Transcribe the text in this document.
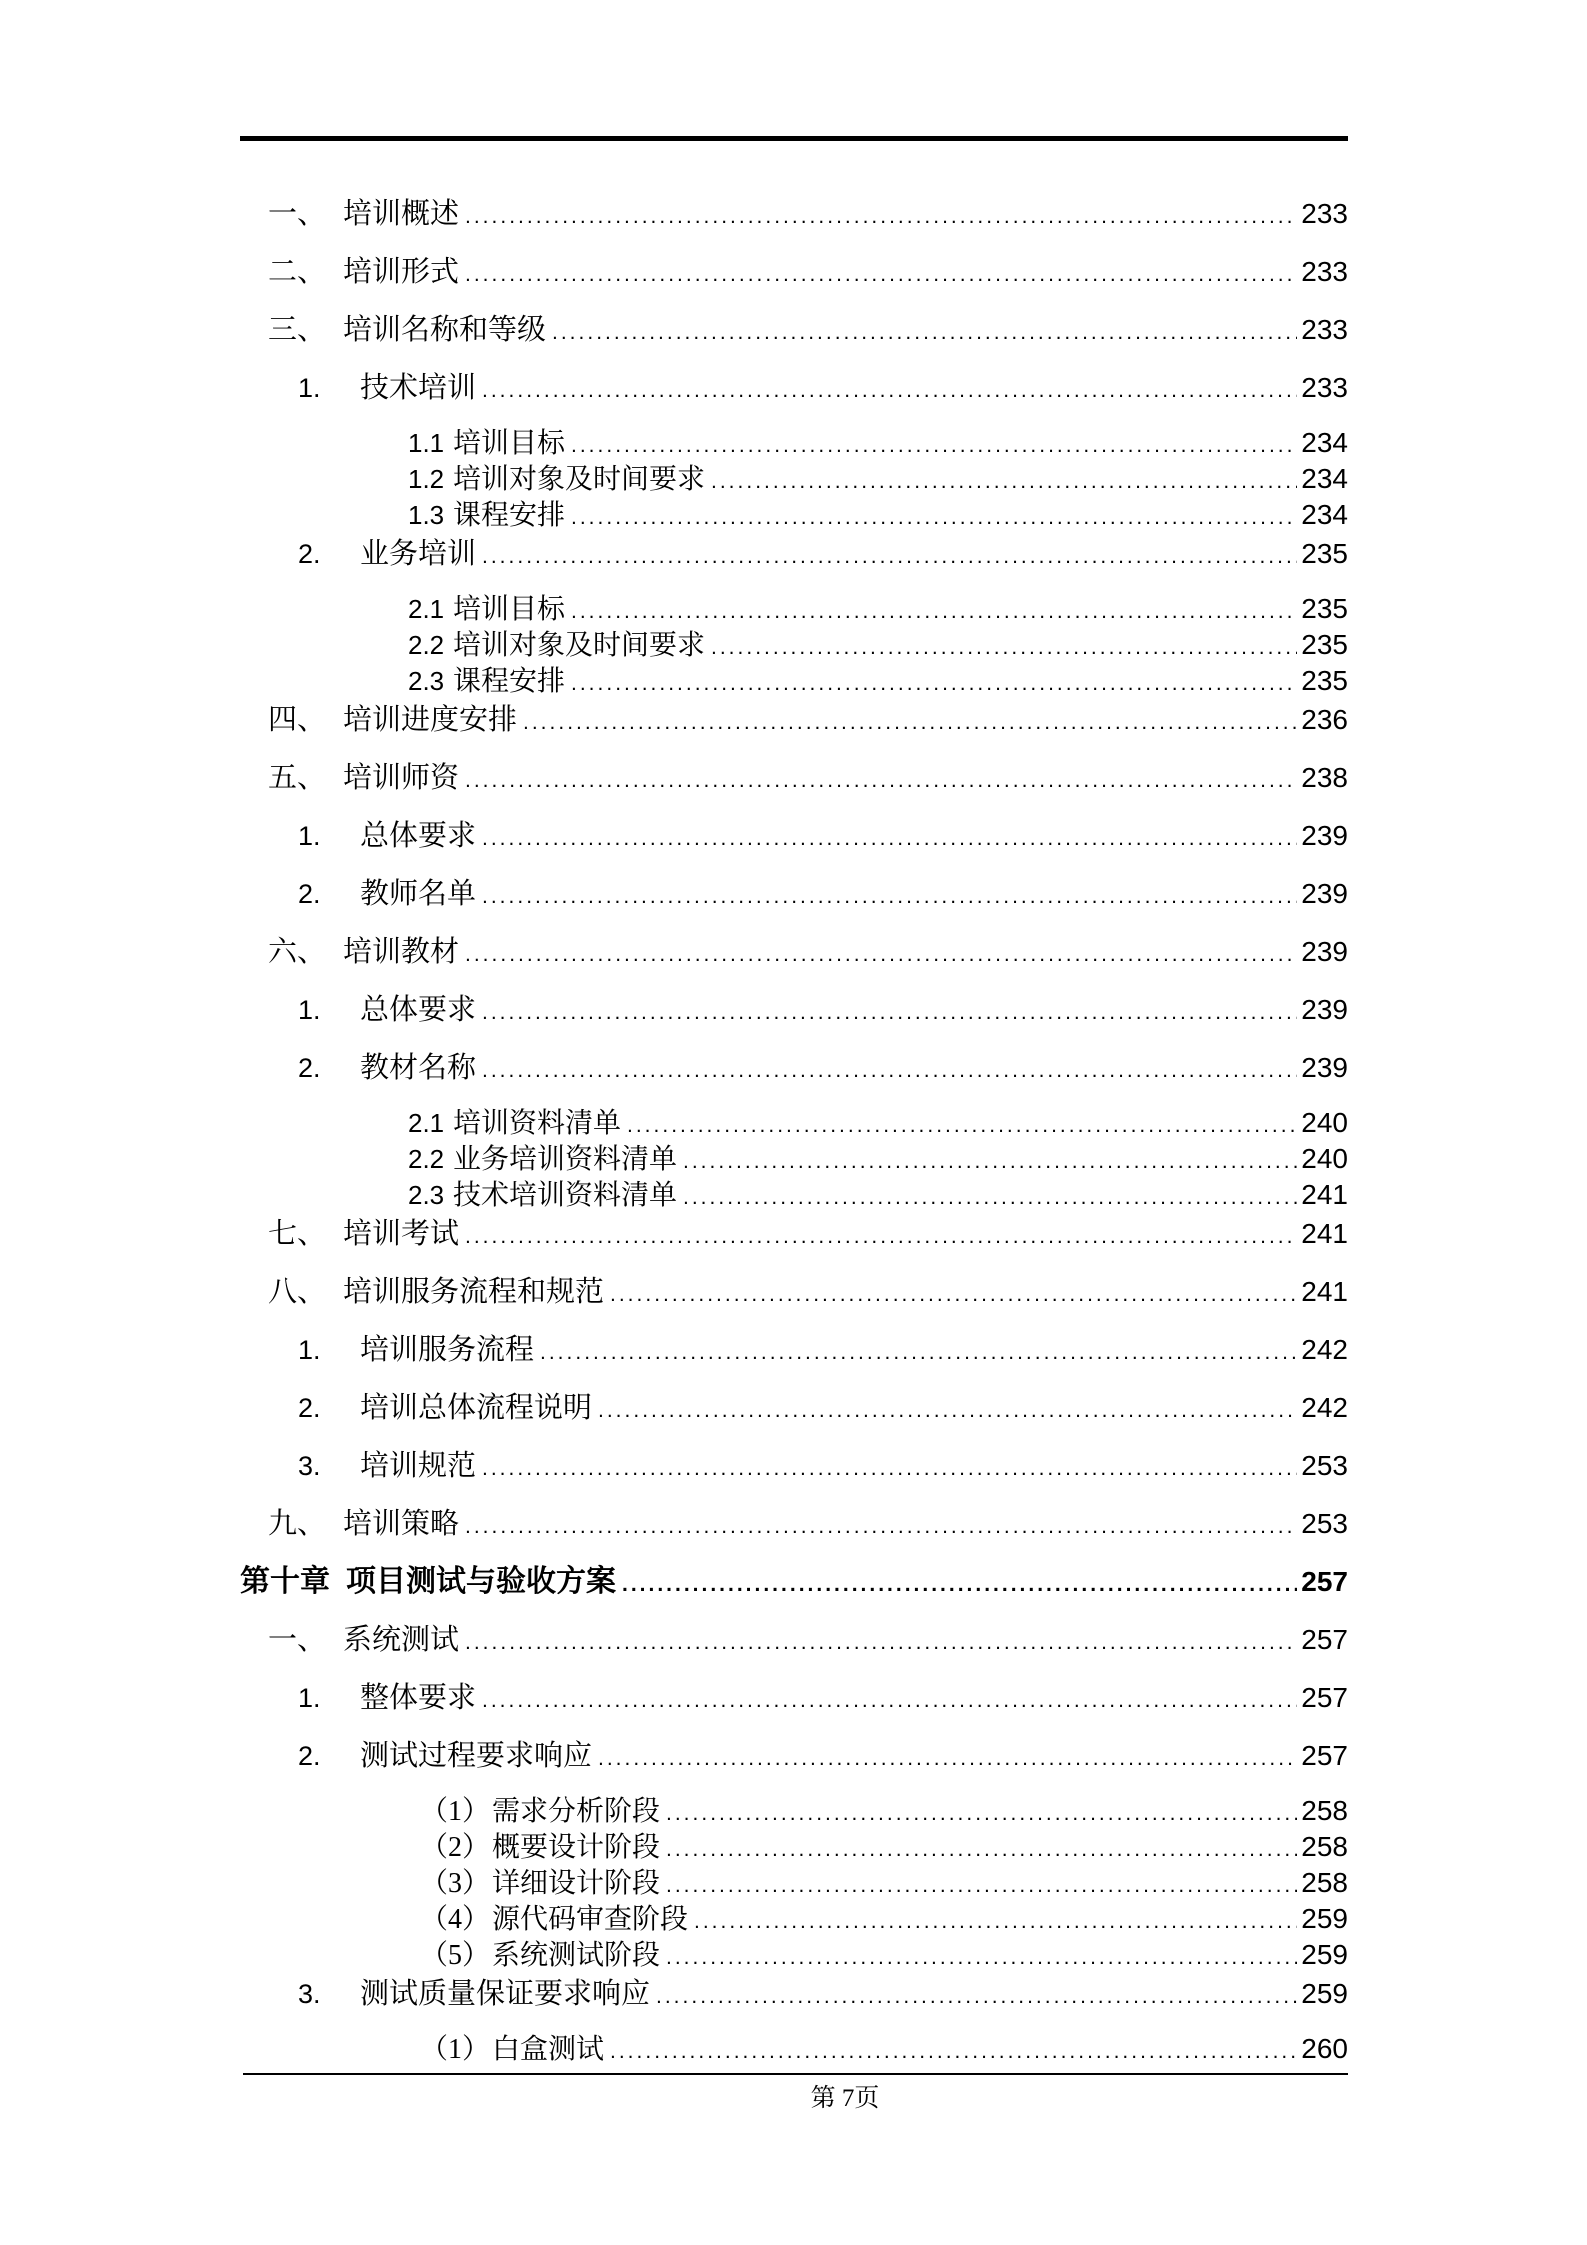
一、 培训概述 .....	233
二、 培训形式 .....	233
三、 培训名称和等级 .....	233
1.	技术培训 .....	233
1.1 培训目标 .....	234
1.2 培训对象及时间要求 .....	234
1.3 课程安排 .....	234
2.	业务培训 .....	235
2.1 培训目标 .....	235
2.2 培训对象及时间要求 .....	235
2.3 课程安排 .....	235
四、 培训进度安排 .....	236
五、 培训师资 .....	238
1.	总体要求 .....	239
2.	教师名单 .....	239
六、 培训教材 .....	239
1.	总体要求 .....	239
2.	教材名称 .....	239
2.1 培训资料清单 .....	240
2.2 业务培训资料清单 .....	240
2.3 技术培训资料清单 .....	241
七、 培训考试 .....	241
八、 培训服务流程和规范 .....	241
1.	培训服务流程 .....	242
2.	培训总体流程说明 .....	242
3.	培训规范 .....	253
九、 培训策略 .....	253
第十章 项目测试与验收方案 .....	257
一、 系统测试 .....	257
1.	整体要求 .....	257
2.	测试过程要求响应 .....	257
（1） 需求分析阶段 .....	258
（2） 概要设计阶段 .....	258
（3） 详细设计阶段 .....	258
（4） 源代码审查阶段 .....	259
（5） 系统测试阶段 .....	259
3.	测试质量保证要求响应 .....	259
（1） 白盒测试 .....	260
第 7页
